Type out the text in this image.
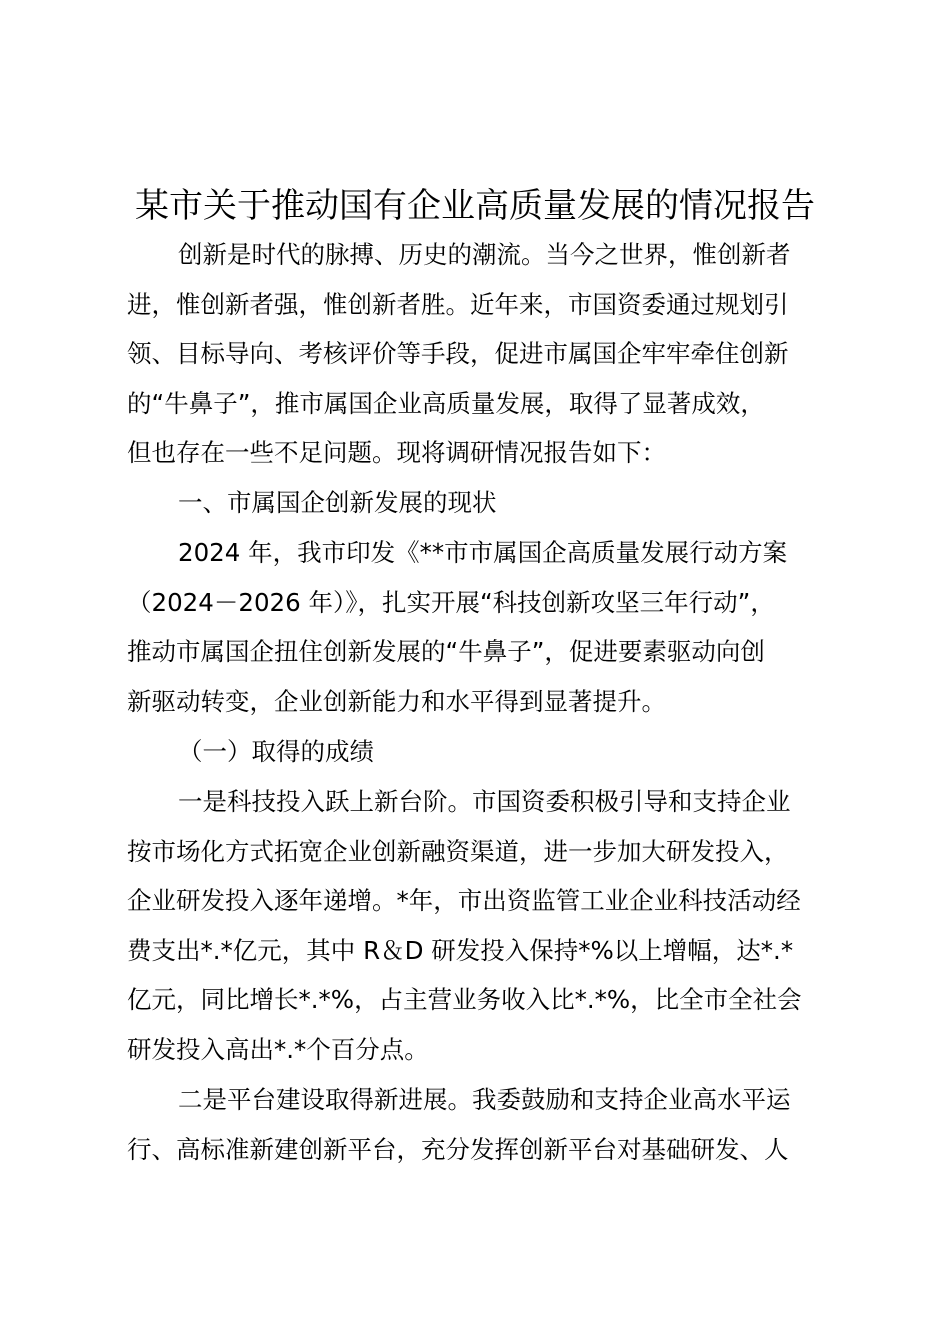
某市关于推动国有企业高质量发展的情况报告
创新是时代的脉搏、历史的潮流。当今之世界，惟创新者
进，惟创新者强，惟创新者胜。近年来，市国资委通过规划引
领、目标导向、考核评价等手段，促进市属国企牢牢牵住创新
的“牛鼻子”，推市属国企业高质量发展，取得了显著成效，
但也存在一些不足问题。现将调研情况报告如下：
一、市属国企创新发展的现状
2024 年，我市印发《**市市属国企高质量发展行动方案
（2024－2026 年）》，扎实开展“科技创新攻坚三年行动”，
推动市属国企扭住创新发展的“牛鼻子”，促进要素驱动向创
新驱动转变，企业创新能力和水平得到显著提升。
（一）取得的成绩
一是科技投入跃上新台阶。市国资委积极引导和支持企业
按市场化方式拓宽企业创新融资渠道，进一步加大研发投入，
企业研发投入逐年递增。*年，市出资监管工业企业科技活动经
费支出*.*亿元，其中 R＆D 研发投入保持*%以上增幅，达*.*
亿元，同比增长*.*%，占主营业务收入比*.*%，比全市全社会
研发投入高出*.*个百分点。
二是平台建设取得新进展。我委鼓励和支持企业高水平运
行、高标准新建创新平台，充分发挥创新平台对基础研发、人
